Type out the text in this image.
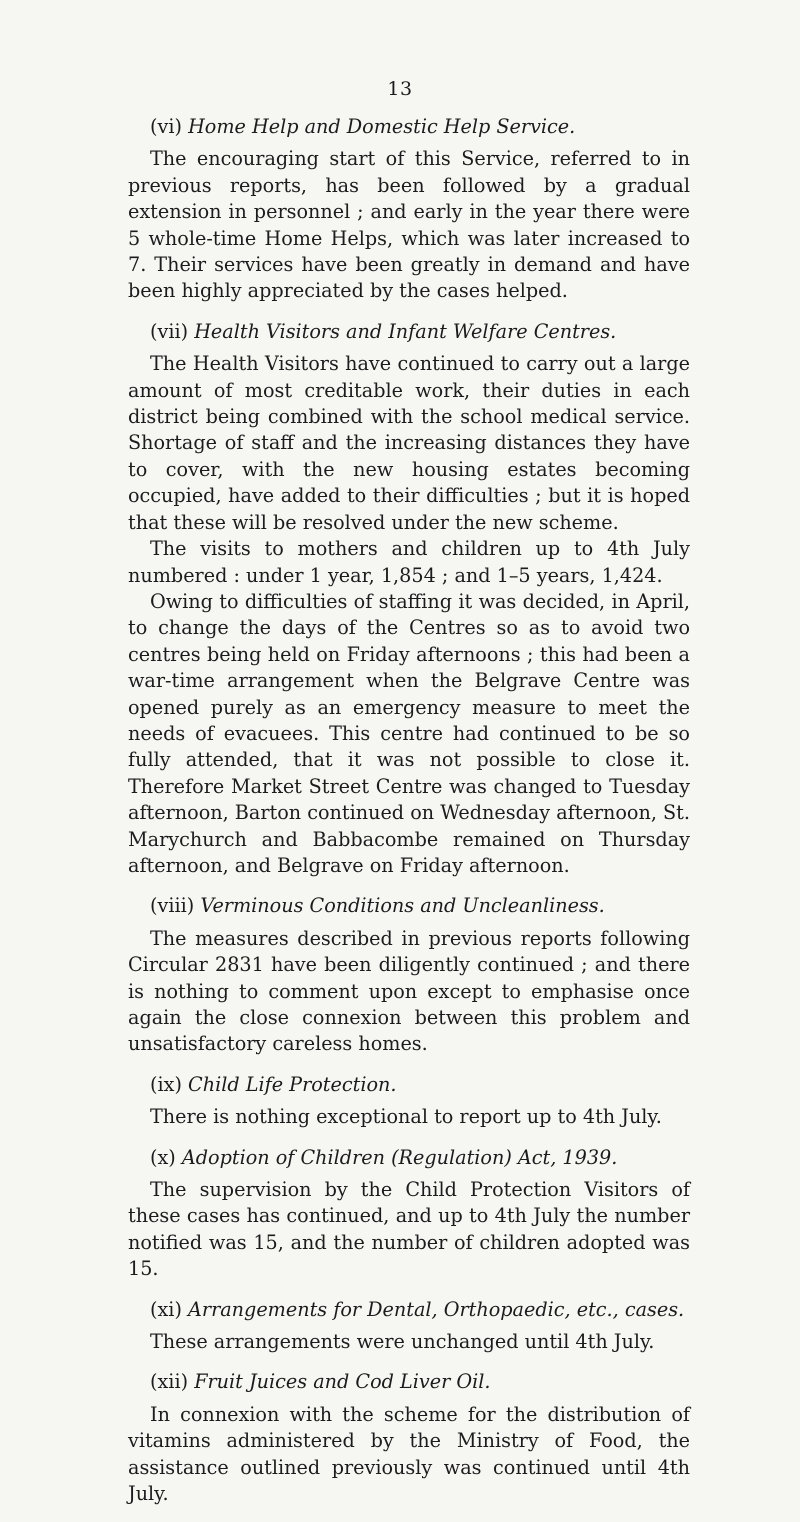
13
(vi) Home Help and Domestic Help Service.

The encouraging start of this Service, referred to in previous reports, has been followed by a gradual extension in personnel ; and early in the year there were 5 whole-time Home Helps, which was later increased to 7. Their services have been greatly in demand and have been highly appreciated by the cases helped.

(vii) Health Visitors and Infant Welfare Centres.

The Health Visitors have continued to carry out a large amount of most creditable work, their duties in each district being combined with the school medical service. Shortage of staff and the increasing distances they have to cover, with the new housing estates becoming occupied, have added to their difficulties ; but it is hoped that these will be resolved under the new scheme.

The visits to mothers and children up to 4th July numbered : under 1 year, 1,854 ; and 1–5 years, 1,424.

Owing to difficulties of staffing it was decided, in April, to change the days of the Centres so as to avoid two centres being held on Friday afternoons ; this had been a war-time arrangement when the Belgrave Centre was opened purely as an emergency measure to meet the needs of evacuees. This centre had continued to be so fully attended, that it was not possible to close it. Therefore Market Street Centre was changed to Tuesday afternoon, Barton continued on Wednesday afternoon, St. Marychurch and Babbacombe remained on Thursday afternoon, and Belgrave on Friday afternoon.

(viii) Verminous Conditions and Uncleanliness.

The measures described in previous reports following Circular 2831 have been diligently continued ; and there is nothing to comment upon except to emphasise once again the close connexion between this problem and unsatisfactory careless homes.

(ix) Child Life Protection.

There is nothing exceptional to report up to 4th July.

(x) Adoption of Children (Regulation) Act, 1939.

The supervision by the Child Protection Visitors of these cases has continued, and up to 4th July the number notified was 15, and the number of children adopted was 15.

(xi) Arrangements for Dental, Orthopaedic, etc., cases.

These arrangements were unchanged until 4th July.

(xii) Fruit Juices and Cod Liver Oil.

In connexion with the scheme for the distribution of vitamins administered by the Ministry of Food, the assistance outlined previously was continued until 4th July.
